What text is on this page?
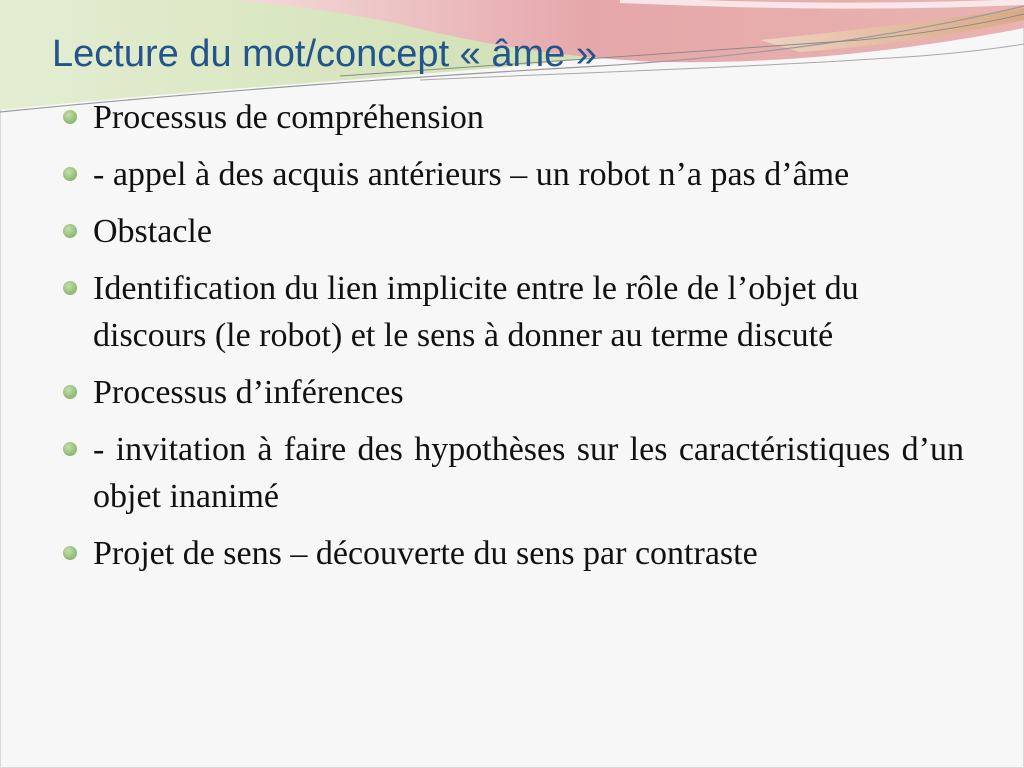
Lecture du mot/concept « âme »
Processus de compréhension
- appel à des acquis antérieurs – un robot n’a pas d’âme
Obstacle
Identification du lien implicite entre le rôle de l’objet du discours (le robot) et le sens à donner au terme discuté
Processus d’inférences
- invitation à faire des hypothèses sur les caractéristiques d’un objet inanimé
Projet de sens – découverte du sens par contraste
